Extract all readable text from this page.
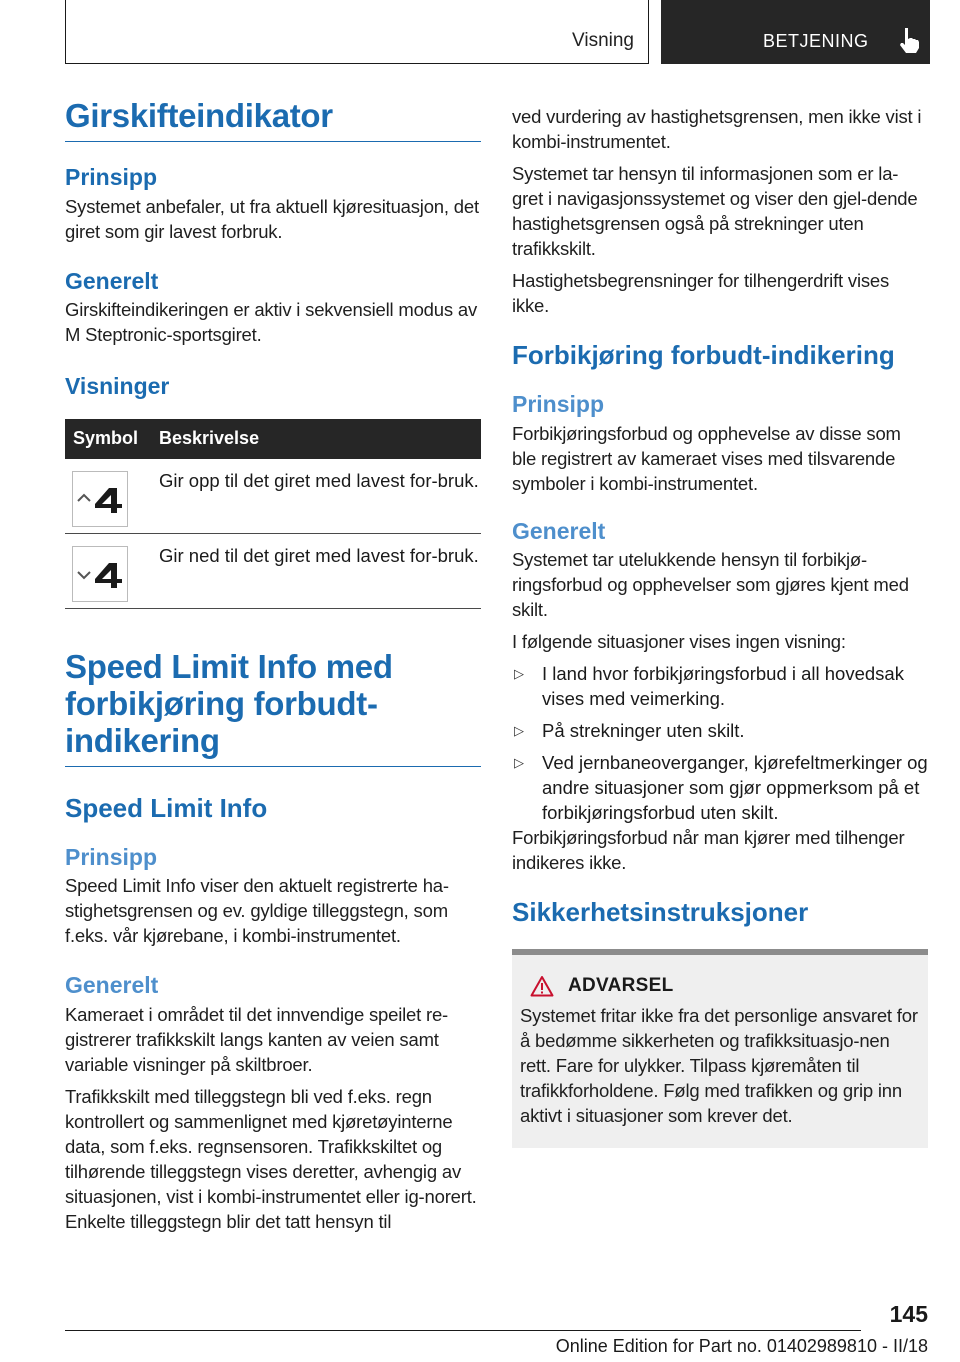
Visning	BETJENING
Girskifteindikator
Prinsipp

Systemet anbefaler, ut fra aktuell kjøresituasjon, det giret som gir lavest forbruk.

Generelt

Girskifteindikeringen er aktiv i sekvensiell modus av M Steptronic-sportsgiret.

Visninger
Symbol	Beskrivelse
Gir opp til det giret med lavest for-bruk.
Gir ned til det giret med lavest for-bruk.
Speed Limit Info med forbikjøring forbudt-indikering
Speed Limit Info
Prinsipp

Speed Limit Info viser den aktuelt registrerte ha-stighetsgrensen og ev. gyldige tilleggstegn, som f.eks. vår kjørebane, i kombi-instrumentet.

Generelt

Kameraet i området til det innvendige speilet re-gistrerer trafikkskilt langs kanten av veien samt variable visninger på skiltbroer.

Trafikkskilt med tilleggstegn bli ved f.eks. regn kontrollert og sammenlignet med kjøretøyinterne data, som f.eks. regnsensoren. Trafikkskiltet og tilhørende tilleggstegn vises deretter, avhengig av situasjonen, vist i kombi-instrumentet eller ig-norert. Enkelte tilleggstegn blir det tatt hensyn til

ved vurdering av hastighetsgrensen, men ikke vist i kombi-instrumentet.

Systemet tar hensyn til informasjonen som er la-gret i navigasjonssystemet og viser den gjel-dende hastighetsgrensen også på strekninger uten trafikkskilt.

Hastighetsbegrensninger for tilhengerdrift vises ikke.

Forbikjøring forbudt-indikering
Prinsipp

Forbikjøringsforbud og opphevelse av disse som ble registrert av kameraet vises med tilsvarende symboler i kombi-instrumentet.

Generelt

Systemet tar utelukkende hensyn til forbikjø-ringsforbud og opphevelser som gjøres kjent med skilt.

I følgende situasjoner vises ingen visning:

▷ I land hvor forbikjøringsforbud i all hovedsak vises med veimerking.
▷ På strekninger uten skilt.
▷ Ved jernbaneoverganger, kjørefeltmerkinger og andre situasjoner som gjør oppmerksom på et forbikjøringsforbud uten skilt.

Forbikjøringsforbud når man kjører med tilhenger indikeres ikke.

Sikkerhetsinstruksjoner
ADVARSEL

Systemet fritar ikke fra det personlige ansvaret for å bedømme sikkerheten og trafikksituasjo-nen rett. Fare for ulykker. Tilpass kjøremåten til trafikkforholdene. Følg med trafikken og grip inn aktivt i situasjoner som krever det.

145
Online Edition for Part no. 01402989810 - II/18
